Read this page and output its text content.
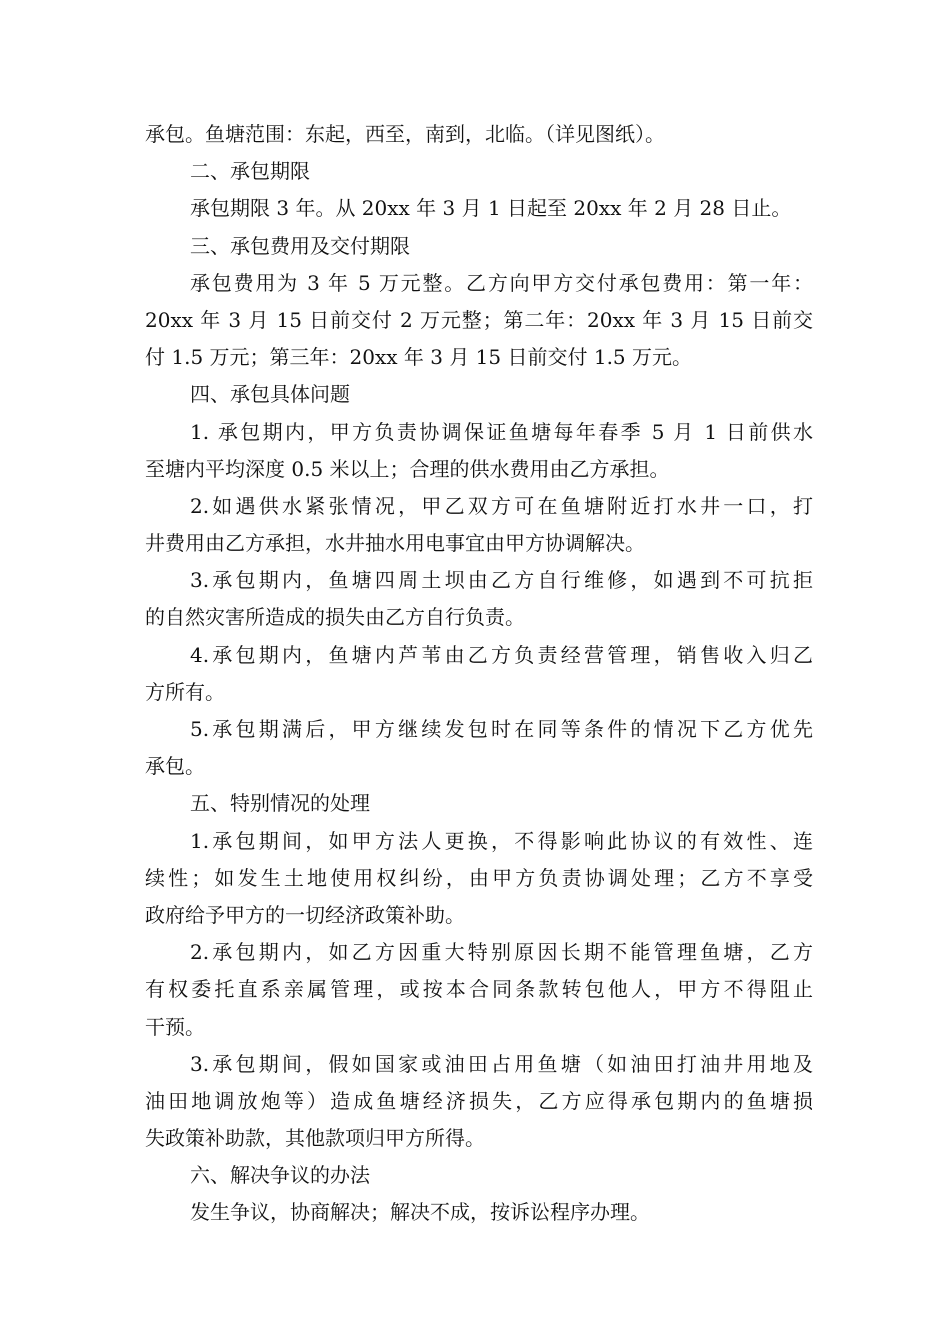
承包。鱼塘范围：东起，西至，南到，北临。（详见图纸）。
二、承包期限
承包期限 3 年。从 20xx 年 3 月 1 日起至 20xx 年 2 月 28 日止。
三、承包费用及交付期限
承包费用为 3 年 5 万元整。乙方向甲方交付承包费用：第一年：
20xx 年 3 月 15 日前交付 2 万元整；第二年：20xx 年 3 月 15 日前交
付 1.5 万元；第三年：20xx 年 3 月 15 日前交付 1.5 万元。
四、承包具体问题
1. 承包期内，甲方负责协调保证鱼塘每年春季 5 月 1 日前供水
至塘内平均深度 0.5 米以上；合理的供水费用由乙方承担。
2.如遇供水紧张情况，甲乙双方可在鱼塘附近打水井一口，打
井费用由乙方承担，水井抽水用电事宜由甲方协调解决。
3.承包期内，鱼塘四周土坝由乙方自行维修，如遇到不可抗拒
的自然灾害所造成的损失由乙方自行负责。
4.承包期内，鱼塘内芦苇由乙方负责经营管理，销售收入归乙
方所有。
5.承包期满后，甲方继续发包时在同等条件的情况下乙方优先
承包。
五、特别情况的处理
1.承包期间，如甲方法人更换，不得影响此协议的有效性、连
续性；如发生土地使用权纠纷，由甲方负责协调处理；乙方不享受
政府给予甲方的一切经济政策补助。
2.承包期内，如乙方因重大特别原因长期不能管理鱼塘，乙方
有权委托直系亲属管理，或按本合同条款转包他人，甲方不得阻止
干预。
3.承包期间，假如国家或油田占用鱼塘（如油田打油井用地及
油田地调放炮等）造成鱼塘经济损失，乙方应得承包期内的鱼塘损
失政策补助款，其他款项归甲方所得。
六、解决争议的办法
发生争议，协商解决；解决不成，按诉讼程序办理。
